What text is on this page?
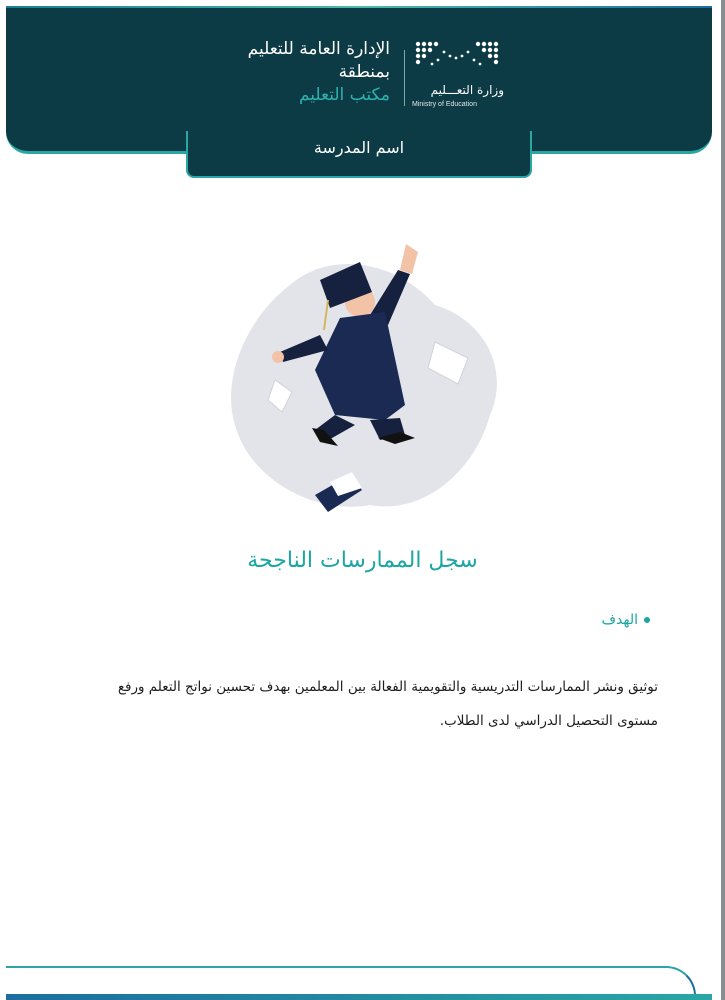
وزارة التعـــليم
Ministry of Education
الإدارة العامة للتعليم
بمنطقة
مكتب التعليم
اسم المدرسة
سجل الممارسات الناجحة
الهدف
توثيق ونشر الممارسات التدريسية والتقويمية الفعالة بين المعلمين بهدف تحسين نواتج التعلم ورفع
مستوى التحصيل الدراسي لدى الطلاب.
